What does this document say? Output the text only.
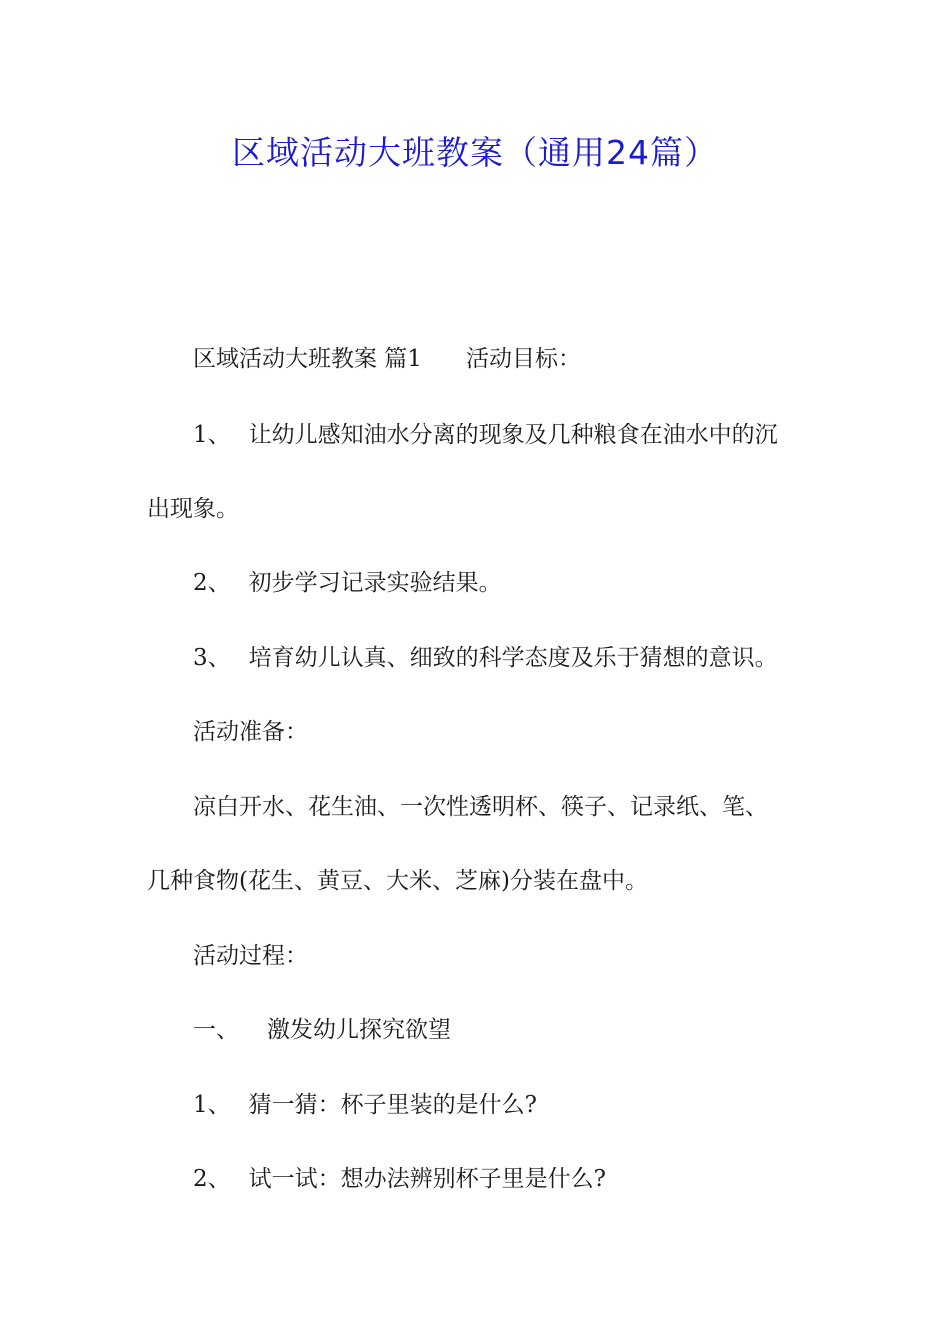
区域活动大班教案（通用24篇）
区域活动大班教案 篇1 活动目标：
1、 让幼儿感知油水分离的现象及几种粮食在油水中的沉
出现象。
2、 初步学习记录实验结果。
3、 培育幼儿认真、细致的科学态度及乐于猜想的意识。
活动准备：
凉白开水、花生油、一次性透明杯、筷子、记录纸、笔、
几种食物(花生、黄豆、大米、芝麻)分装在盘中。
活动过程：
一、 激发幼儿探究欲望
1、 猜一猜：杯子里装的是什么?
2、 试一试：想办法辨别杯子里是什么?
